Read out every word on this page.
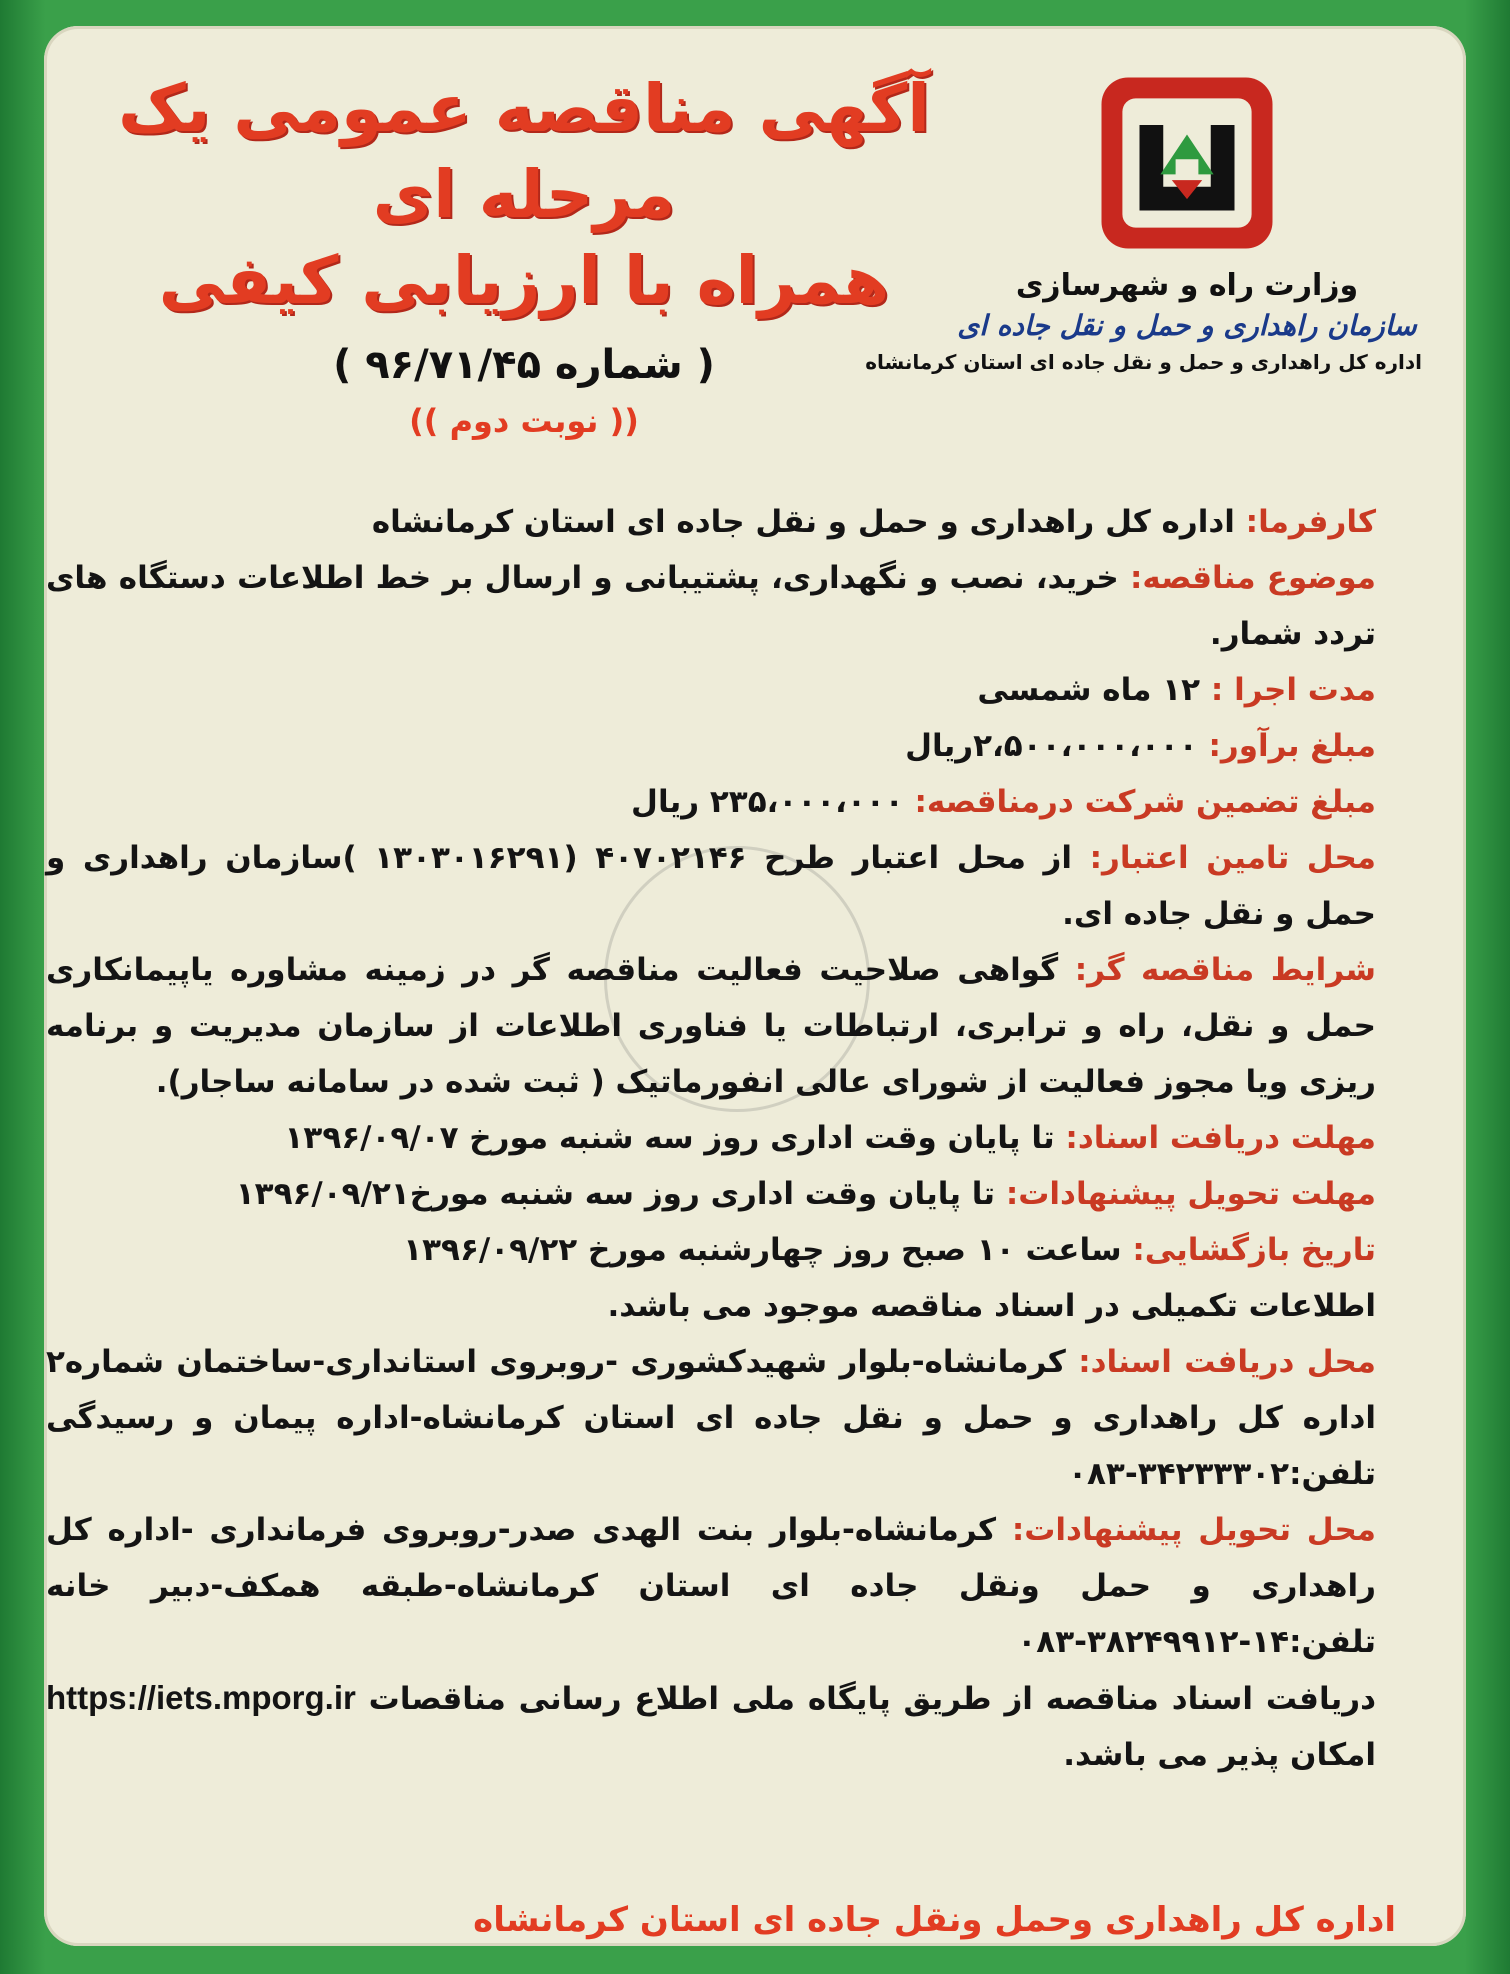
وزارت راه و شهرسازی
سازمان راهداری و حمل و نقل جاده ای
اداره کل راهداری و حمل و نقل جاده ای استان کرمانشاه
آگهی مناقصه عمومی یک مرحله ای
همراه با ارزیابی کیفی
( شماره ۹۶/۷۱/۴۵ )
(( نوبت دوم ))

کارفرما: اداره کل راهداری و حمل و نقل جاده ای استان کرمانشاه

موضوع مناقصه: خرید، نصب و نگهداری، پشتیبانی و ارسال بر خط اطلاعات دستگاه های تردد شمار.

مدت اجرا : ۱۲ ماه شمسی

مبلغ برآور: ۲،۵۰۰،۰۰۰،۰۰۰ریال

مبلغ تضمین شرکت درمناقصه: ۲۳۵،۰۰۰،۰۰۰ ریال

محل تامین اعتبار: از محل اعتبار طرح ۴۰۷۰۲۱۴۶ (۱۳۰۳۰۱۶۲۹۱ )سازمان راهداری و حمل و نقل جاده ای.

شرایط مناقصه گر: گواهی صلاحیت فعالیت مناقصه گر در زمینه مشاوره یاپیمانکاری حمل و نقل، راه و ترابری، ارتباطات یا فناوری اطلاعات از سازمان مدیریت و برنامه ریزی ویا مجوز فعالیت از شورای عالی انفورماتیک ( ثبت شده در سامانه ساجار).

مهلت دریافت اسناد: تا پایان وقت اداری روز سه شنبه مورخ ۱۳۹۶/۰۹/۰۷

مهلت تحویل پیشنهادات: تا پایان وقت اداری روز سه شنبه مورخ۱۳۹۶/۰۹/۲۱

تاریخ بازگشایی: ساعت ۱۰ صبح روز چهارشنبه مورخ ۱۳۹۶/۰۹/۲۲

اطلاعات تکمیلی در اسناد مناقصه موجود می باشد.

محل دریافت اسناد: کرمانشاه-بلوار شهیدکشوری -روبروی استانداری-ساختمان شماره۲ اداره کل راهداری و حمل و نقل جاده ای استان کرمانشاه-اداره پیمان و رسیدگی تلفن:۳۴۲۳۳۳۰۲-۰۸۳

محل تحویل پیشنهادات: کرمانشاه-بلوار بنت الهدی صدر-روبروی فرمانداری -اداره کل راهداری و حمل ونقل جاده ای استان کرمانشاه-طبقه همکف-دبیر خانه تلفن:۱۴-۳۸۲۴۹۹۱۲-۰۸۳

دریافت اسناد مناقصه از طریق پایگاه ملی اطلاع رسانی مناقصات https://iets.mporg.ir امکان پذیر می باشد.

اداره کل راهداری وحمل ونقل جاده ای استان کرمانشاه
